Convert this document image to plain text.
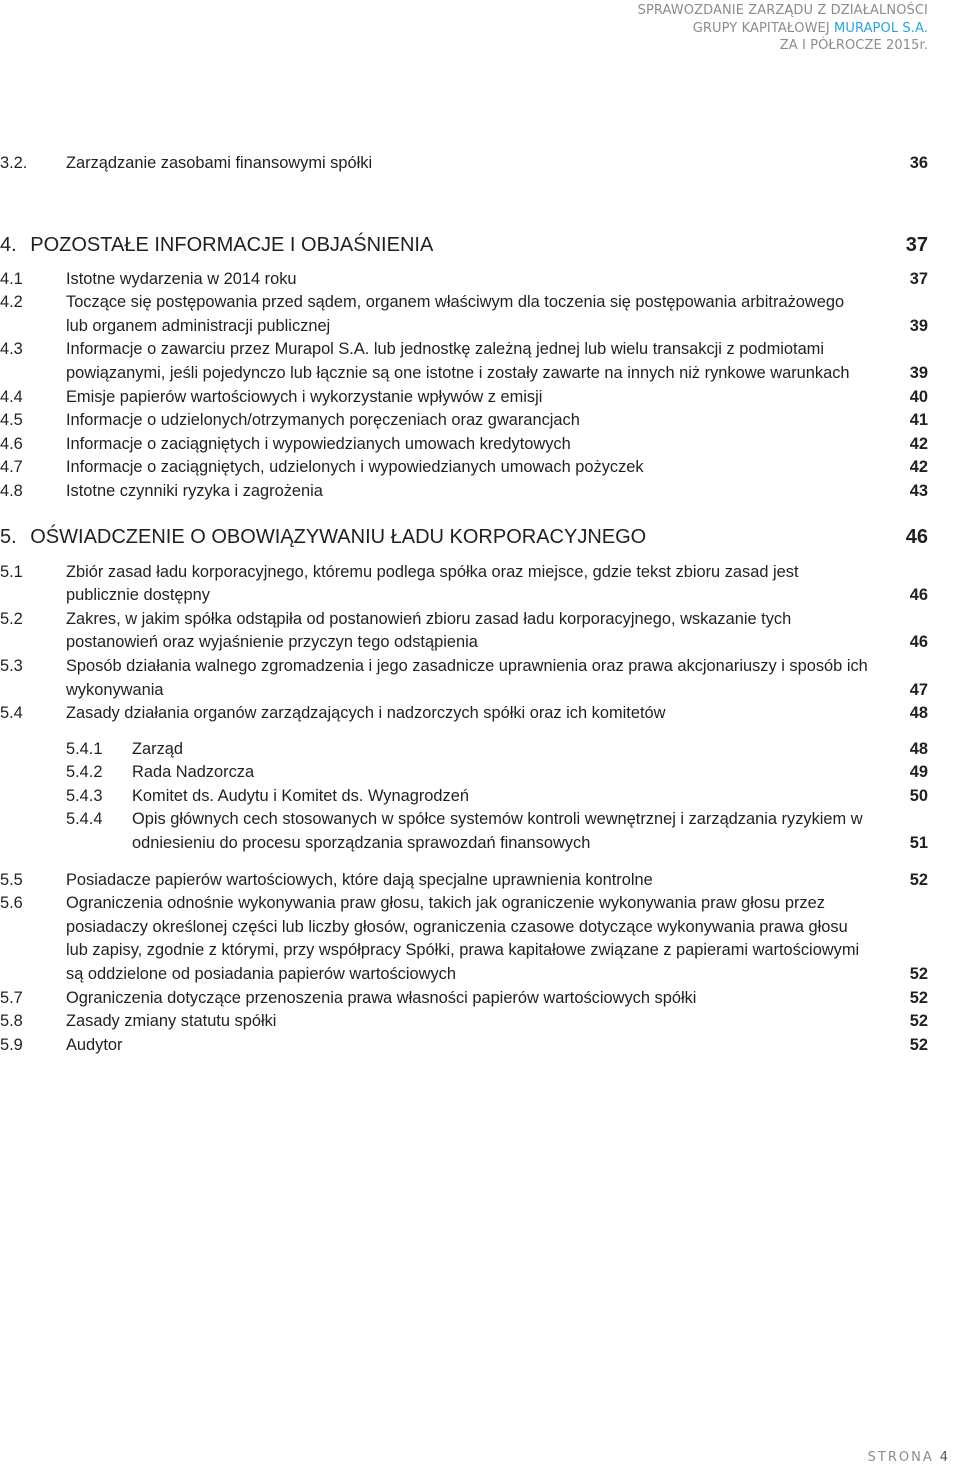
SPRAWOZDANIE ZARZĄDU Z DZIAŁALNOŚCI
GRUPY KAPITAŁOWEJ MURAPOL S.A.
ZA I PÓŁROCZE 2015r.
3.2.	Zarządzanie zasobami finansowymi spółki	36
4. POZOSTAŁE INFORMACJE I OBJAŚNIENIA	37
4.1	Istotne wydarzenia w 2014 roku	37
4.2	Toczące się postępowania przed sądem, organem właściwym dla toczenia się postępowania arbitrażowego lub organem administracji publicznej	39
4.3	Informacje o zawarciu przez Murapol S.A. lub jednostkę zależną jednej lub wielu transakcji z podmiotami powiązanymi, jeśli pojedynczo lub łącznie są one istotne i zostały zawarte na innych niż rynkowe warunkach	39
4.4	Emisje papierów wartościowych i wykorzystanie wpływów z emisji	40
4.5	Informacje o udzielonych/otrzymanych poręczeniach oraz gwarancjach	41
4.6	Informacje o zaciągniętych i wypowiedzianych umowach kredytowych	42
4.7	Informacje o zaciągniętych, udzielonych i wypowiedzianych umowach pożyczek	42
4.8	Istotne czynniki ryzyka i zagrożenia	43
5. OŚWIADCZENIE O OBOWIĄZYWANIU ŁADU KORPORACYJNEGO	46
5.1	Zbiór zasad ładu korporacyjnego, któremu podlega spółka oraz miejsce, gdzie tekst zbioru zasad jest publicznie dostępny	46
5.2	Zakres, w jakim spółka odstąpiła od postanowień zbioru zasad ładu korporacyjnego, wskazanie tych postanowień oraz wyjaśnienie przyczyn tego odstąpienia	46
5.3	Sposób działania walnego zgromadzenia i jego zasadnicze uprawnienia oraz prawa akcjonariuszy i sposób ich wykonywania	47
5.4	Zasady działania organów zarządzających i nadzorczych spółki oraz ich komitetów	48
5.4.1	Zarząd	48
5.4.2	Rada Nadzorcza	49
5.4.3	Komitet ds. Audytu i Komitet ds. Wynagrodzeń	50
5.4.4	Opis głównych cech stosowanych w spółce systemów kontroli wewnętrznej i zarządzania ryzykiem w odniesieniu do procesu sporządzania sprawozdań finansowych	51
5.5	Posiadacze papierów wartościowych, które dają specjalne uprawnienia kontrolne	52
5.6	Ograniczenia odnośnie wykonywania praw głosu, takich jak ograniczenie wykonywania praw głosu przez posiadaczy określonej części lub liczby głosów, ograniczenia czasowe dotyczące wykonywania prawa głosu lub zapisy, zgodnie z którymi, przy współpracy Spółki, prawa kapitałowe związane z papierami wartościowymi są oddzielone od posiadania papierów wartościowych	52
5.7	Ograniczenia dotyczące przenoszenia prawa własności papierów wartościowych spółki	52
5.8	Zasady zmiany statutu spółki	52
5.9	Audytor	52
STRONA 4
